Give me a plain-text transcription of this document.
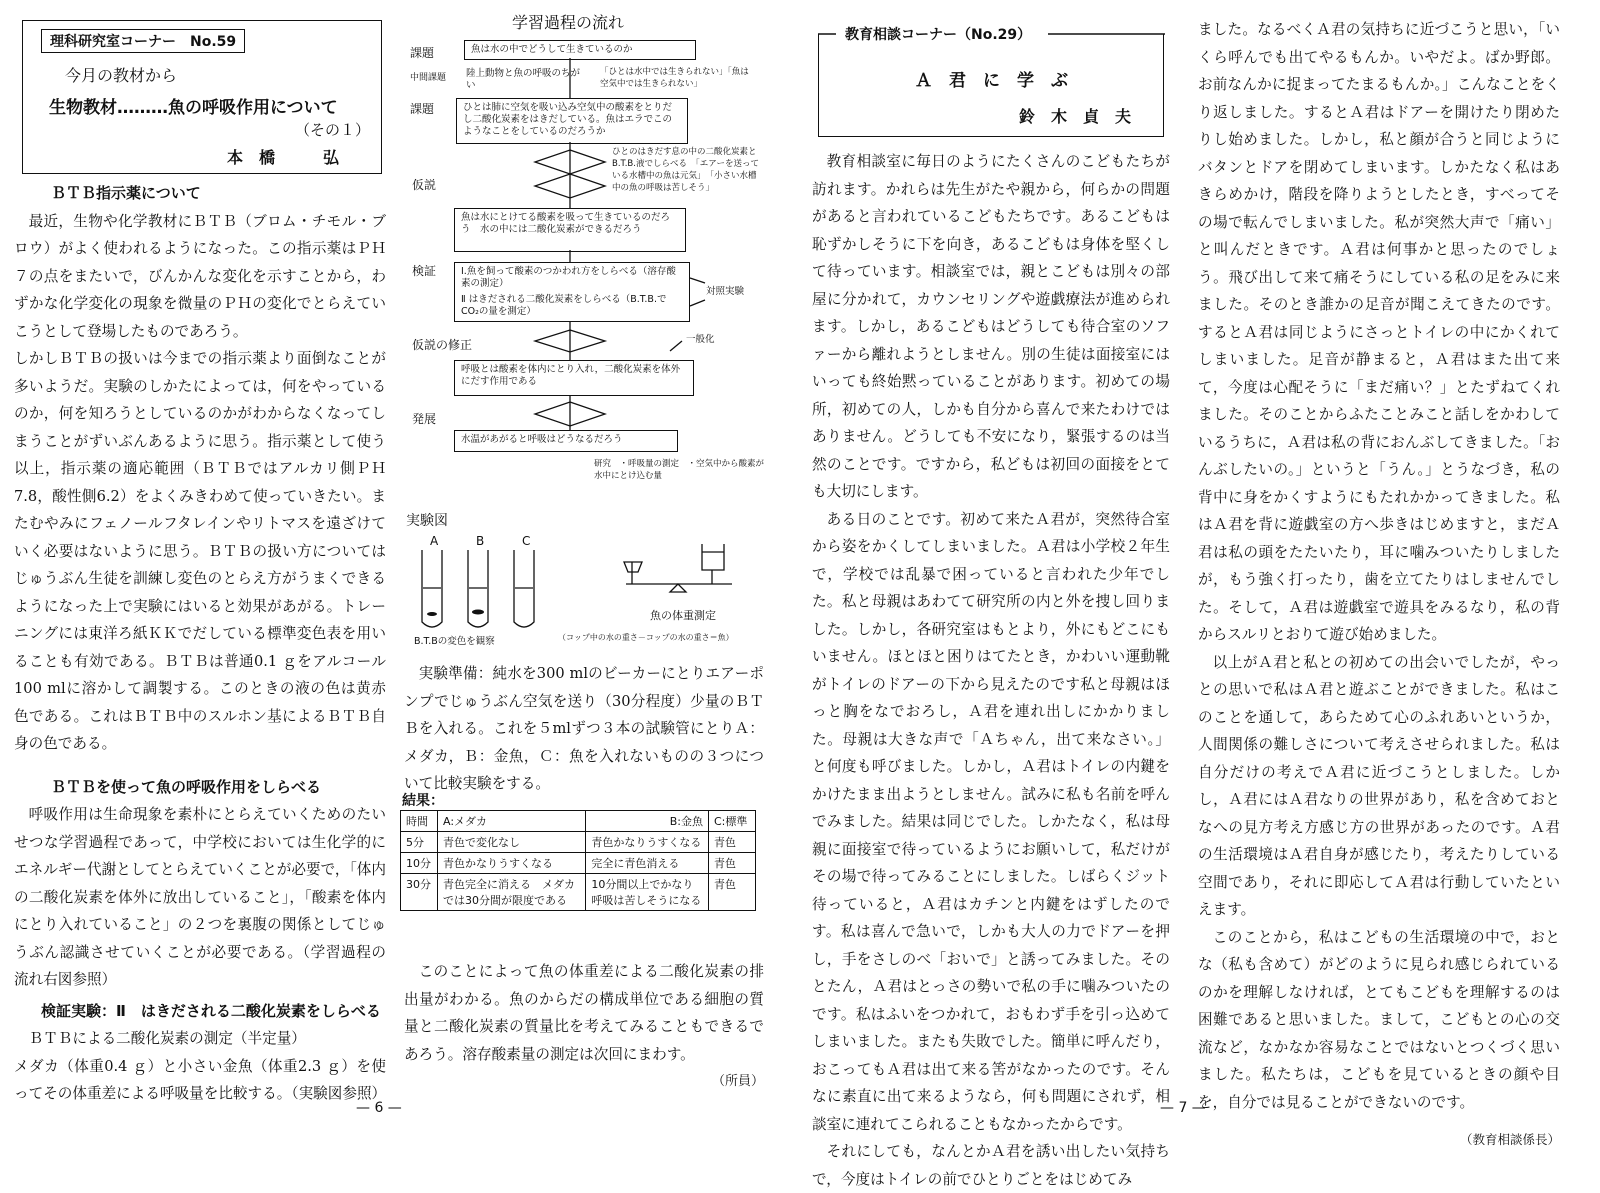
理科研究室コーナー　No.59
今月の教材から
生物教材………魚の呼吸作用について
（その１）
本　橋　　　弘

ＢＴＢ指示薬について

最近，生物や化学教材にＢＴＢ（ブロム・チモル・ブロウ）がよく使われるようになった。この指示薬はＰＨ７の点をまたいで，びんかんな変化を示すことから，わずかな化学変化の現象を微量のＰＨの変化でとらえていこうとして登場したものであろう。

しかしＢＴＢの扱いは今までの指示薬より面倒なことが多いようだ。実験のしかたによっては，何をやっているのか，何を知ろうとしているのかがわからなくなってしまうことがずいぶんあるように思う。指示薬として使う以上，指示薬の適応範囲（ＢＴＢではアルカリ側ＰＨ7.8，酸性側6.2）をよくみきわめて使っていきたい。またむやみにフェノールフタレインやリトマスを遠ざけていく必要はないように思う。ＢＴＢの扱い方についてはじゅうぶん生徒を訓練し変色のとらえ方がうまくできるようになった上で実験にはいると効果があがる。トレーニングには東洋ろ紙ＫＫでだしている標準変色表を用いることも有効である。ＢＴＢは普通0.1 ｇをアルコール100 mlに溶かして調製する。このときの液の色は黄赤色である。これはＢＴＢ中のスルホン基によるＢＴＢ自身の色である。

ＢＴＢを使って魚の呼吸作用をしらべる

呼吸作用は生命現象を素朴にとらえていくためのたいせつな学習過程であって，中学校においては生化学的にエネルギー代謝としてとらえていくことが必要で，「体内の二酸化炭素を体外に放出していること」，「酸素を体内にとり入れていること」の２つを裏腹の関係としてじゅうぶん認識させていくことが必要である。（学習過程の流れ右図参照）

検証実験：Ⅱ　はきだされる二酸化炭素をしらべる

ＢＴＢによる二酸化炭素の測定（半定量）

メダカ（体重0.4 ｇ）と小さい金魚（体重2.3 ｇ）を使ってその体重差による呼吸量を比較する。（実験図参照）

学習過程の流れ
課題
中間課題
課題
仮説
検証
仮説の修正
発展
魚は水の中でどうして生きているのか
陸上動物と魚の呼吸のちがい
「ひとは水中では生きられない」「魚は空気中では生きられない」
ひとは肺に空気を吸い込み空気中の酸素をとりだし二酸化炭素をはきだしている。魚はエラでこのようなことをしているのだろうか
ひとのはきだす息の中の二酸化炭素とB.T.B.液でしらべる　「エアーを送っている水槽中の魚は元気」　「小さい水槽中の魚の呼吸は苦しそう」
魚は水にとけてる酸素を吸って生きているのだろう　水の中には二酸化炭素ができるだろう
Ⅰ.魚を飼って酸素のつかわれ方をしらべる（溶存酸素の測定）
Ⅱ はきだされる二酸化炭素をしらべる（B.T.B.でCO₂の量を測定）
対照実験
一般化
呼吸とは酸素を体内にとり入れ，二酸化炭素を体外にだす作用である
水温があがると呼吸はどうなるだろう
研究　・呼吸量の測定　・空気中から酸素が水中にとけ込む量
実験図
A	B	C
B.T.Bの変色を観察
魚の体重測定
（コップ中の水の重さ－コップの水の重さ＝魚）

実験準備：純水を300 mlのビーカーにとりエアーポンプでじゅうぶん空気を送り（30分程度）少量のＢＴＢを入れる。これを５mlずつ３本の試験管にとりＡ：メダカ，Ｂ：金魚，Ｃ：魚を入れないものの３つについて比較実験をする。

結果：
時間	A:メダカ	B:金魚	C:標準
5分	青色で変化なし	青色かなりうすくなる	青色
10分	青色かなりうすくなる	完全に青色消える	青色
30分	青色完全に消える　メダカでは30分間が限度である	10分間以上でかなり呼吸は苦しそうになる	青色

このことによって魚の体重差による二酸化炭素の排出量がわかる。魚のからだの構成単位である細胞の質量と二酸化炭素の質量比を考えてみることもできるであろう。溶存酸素量の測定は次回にまわす。

（所員）

— 6 —
教育相談コーナー（No.29）
Ａ　君　に　学　ぶ
鈴　木　貞　夫

教育相談室に毎日のようにたくさんのこどもたちが訪れます。かれらは先生がたや親から，何らかの問題があると言われているこどもたちです。あるこどもは恥ずかしそうに下を向き，あるこどもは身体を堅くして待っています。相談室では，親とこどもは別々の部屋に分かれて，カウンセリングや遊戯療法が進められます。しかし，あるこどもはどうしても待合室のソファーから離れようとしません。別の生徒は面接室にはいっても終始黙っていることがあります。初めての場所，初めての人，しかも自分から喜んで来たわけではありません。どうしても不安になり，緊張するのは当然のことです。ですから，私どもは初回の面接をとても大切にします。

ある日のことです。初めて来たＡ君が，突然待合室から姿をかくしてしまいました。Ａ君は小学校２年生で，学校では乱暴で困っていると言われた少年でした。私と母親はあわてて研究所の内と外を捜し回りました。しかし，各研究室はもとより，外にもどこにもいません。ほとほと困りはてたとき，かわいい運動靴がトイレのドアーの下から見えたのです私と母親はほっと胸をなでおろし，Ａ君を連れ出しにかかりました。母親は大きな声で「Ａちゃん，出て来なさい。」と何度も呼びました。しかし，Ａ君はトイレの内鍵をかけたまま出ようとしません。試みに私も名前を呼んでみました。結果は同じでした。しかたなく，私は母親に面接室で待っているようにお願いして，私だけがその場で待ってみることにしました。しばらくジット待っていると，Ａ君はカチンと内鍵をはずしたのです。私は喜んで急いで，しかも大人の力でドアーを押し，手をさしのべ「おいで」と誘ってみました。そのとたん，Ａ君はとっさの勢いで私の手に噛みついたのです。私はふいをつかれて，おもわず手を引っ込めてしまいました。またも失敗でした。簡単に呼んだり，おこってもＡ君は出て来る筈がなかったのです。そんなに素直に出て来るようなら，何も問題にされず，相談室に連れてこられることもなかったからです。

それにしても，なんとかＡ君を誘い出したい気持ちで，今度はトイレの前でひとりごとをはじめてみ

ました。なるべくＡ君の気持ちに近づこうと思い，「いくら呼んでも出てやるもんか。いやだよ。ばか野郎。お前なんかに捉まってたまるもんか。」こんなことをくり返しました。するとＡ君はドアーを開けたり閉めたりし始めました。しかし，私と顔が合うと同じようにバタンとドアを閉めてしまいます。しかたなく私はあきらめかけ，階段を降りようとしたとき，すべってその場で転んでしまいました。私が突然大声で「痛い」と叫んだときです。Ａ君は何事かと思ったのでしょう。飛び出して来て痛そうにしている私の足をみに来ました。そのとき誰かの足音が聞こえてきたのです。するとＡ君は同じようにさっとトイレの中にかくれてしまいました。足音が静まると，Ａ君はまた出て来て，今度は心配そうに「まだ痛い？」とたずねてくれました。そのことからふたことみこと話しをかわしているうちに，Ａ君は私の背におんぶしてきました。「おんぶしたいの。」というと「うん。」とうなづき，私の背中に身をかくすようにもたれかかってきました。私はＡ君を背に遊戯室の方へ歩きはじめますと，まだＡ君は私の頭をたたいたり，耳に噛みついたりしましたが，もう強く打ったり，歯を立てたりはしませんでした。そして，Ａ君は遊戯室で遊具をみるなり，私の背からスルリとおりて遊び始めました。

以上がＡ君と私との初めての出会いでしたが，やっとの思いで私はＡ君と遊ぶことができました。私はこのことを通して，あらためて心のふれあいというか，人間関係の難しさについて考えさせられました。私は自分だけの考えでＡ君に近づこうとしました。しかし，Ａ君にはＡ君なりの世界があり，私を含めておとなへの見方考え方感じ方の世界があったのです。Ａ君の生活環境はＡ君自身が感じたり，考えたりしている空間であり，それに即応してＡ君は行動していたといえます。

このことから，私はこどもの生活環境の中で，おとな（私も含めて）がどのように見られ感じられているのかを理解しなければ，とてもこどもを理解するのは困難であると思いました。まして，こどもとの心の交流など，なかなか容易なことではないとつくづく思いました。私たちは，こどもを見ているときの顔や目を，自分では見ることができないのです。

（教育相談係長）

— 7 —
